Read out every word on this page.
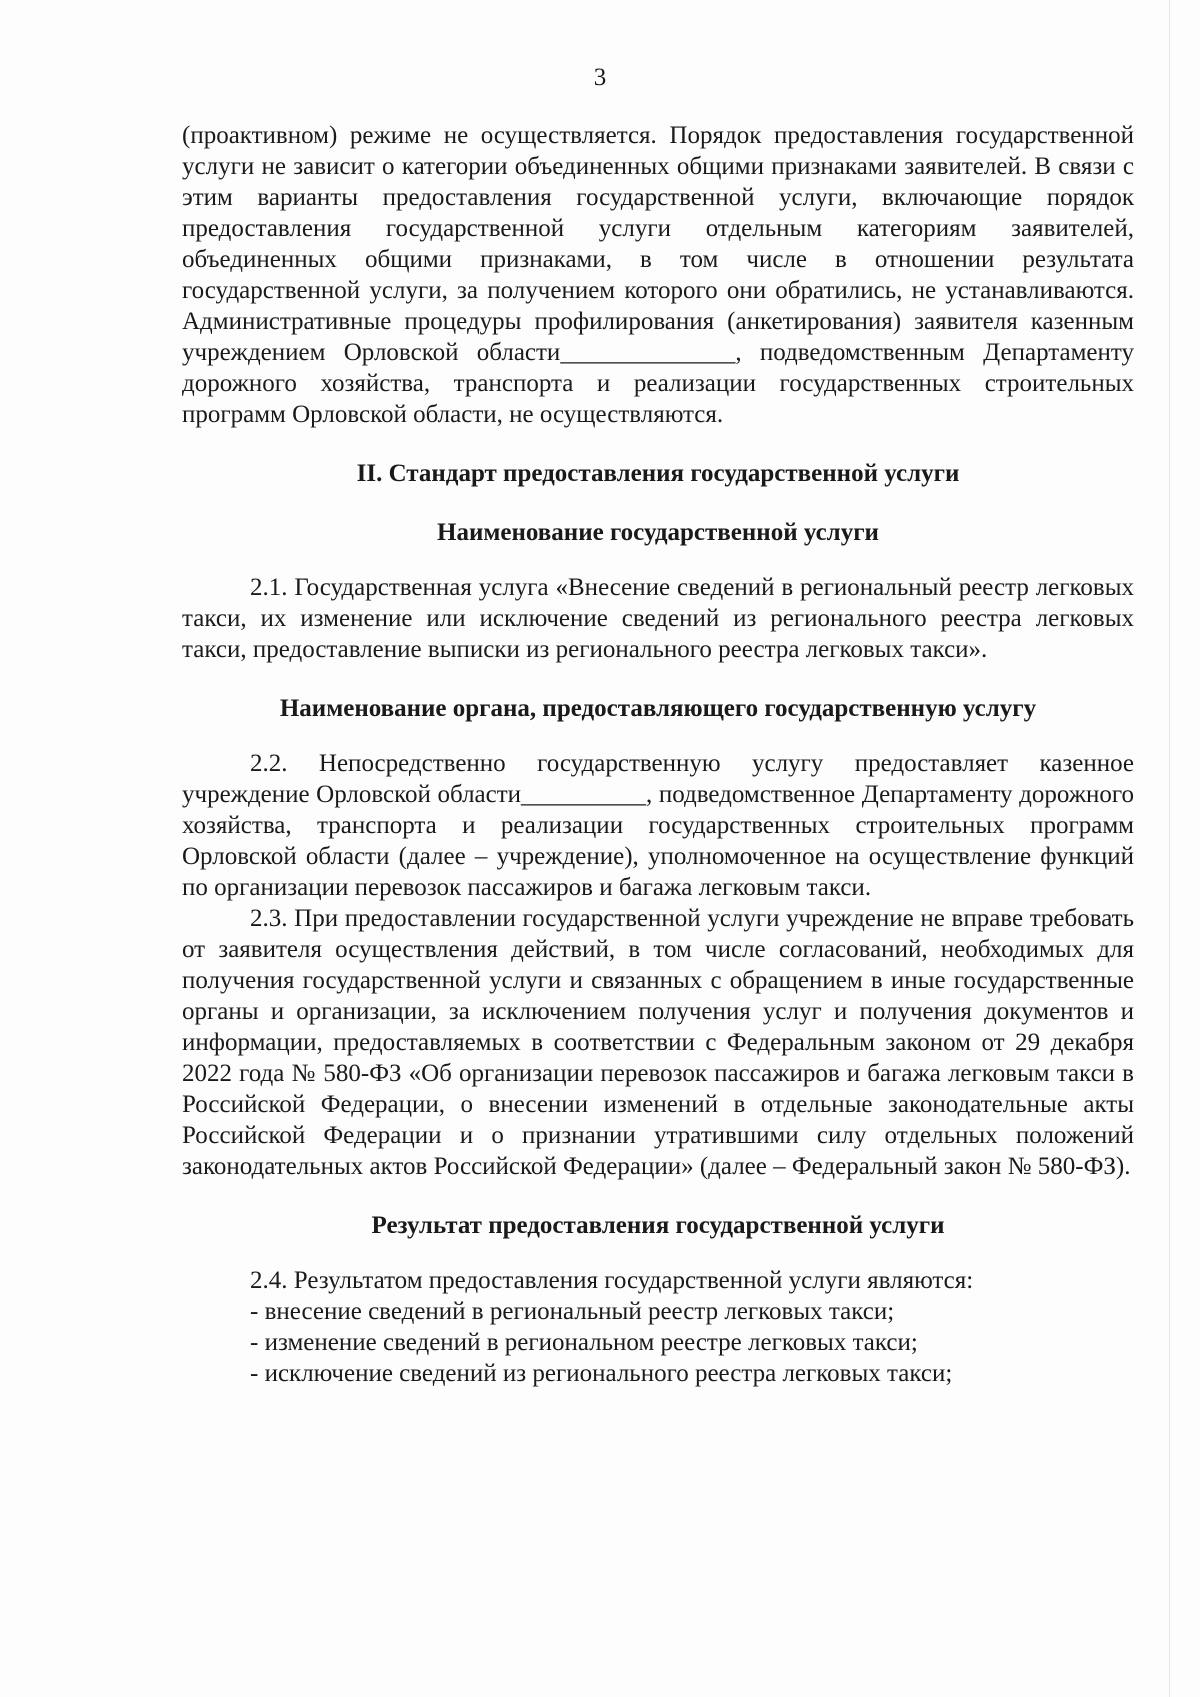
3

(проактивном) режиме не осуществляется. Порядок предоставления государственной услуги не зависит о категории объединенных общими признаками заявителей. В связи с этим варианты предоставления государственной услуги, включающие порядок предоставления государственной услуги отдельным категориям заявителей, объединенных общими признаками, в том числе в отношении результата государственной услуги, за получением которого они обратились, не устанавливаются. Административные процедуры профилирования (анкетирования) заявителя казенным учреждением Орловской области______________, подведомственным Департаменту дорожного хозяйства, транспорта и реализации государственных строительных программ Орловской области, не осуществляются.

II. Стандарт предоставления государственной услуги
Наименование государственной услуги

2.1. Государственная услуга «Внесение сведений в региональный реестр легковых такси, их изменение или исключение сведений из регионального реестра легковых такси, предоставление выписки из регионального реестра легковых такси».

Наименование органа, предоставляющего государственную услугу

2.2. Непосредственно государственную услугу предоставляет казенное учреждение Орловской области__________, подведомственное Департаменту дорожного хозяйства, транспорта и реализации государственных строительных программ Орловской области (далее – учреждение), уполномоченное на осуществление функций по организации перевозок пассажиров и багажа легковым такси.

2.3. При предоставлении государственной услуги учреждение не вправе требовать от заявителя осуществления действий, в том числе согласований, необходимых для получения государственной услуги и связанных с обращением в иные государственные органы и организации, за исключением получения услуг и получения документов и информации, предоставляемых в соответствии с Федеральным законом от 29 декабря 2022 года № 580-ФЗ «Об организации перевозок пассажиров и багажа легковым такси в Российской Федерации, о внесении изменений в отдельные законодательные акты Российской Федерации и о признании утратившими силу отдельных положений законодательных актов Российской Федерации» (далее – Федеральный закон № 580-ФЗ).

Результат предоставления государственной услуги

2.4. Результатом предоставления государственной услуги являются:

- внесение сведений в региональный реестр легковых такси;
- изменение сведений в региональном реестре легковых такси;
- исключение сведений из регионального реестра легковых такси;
